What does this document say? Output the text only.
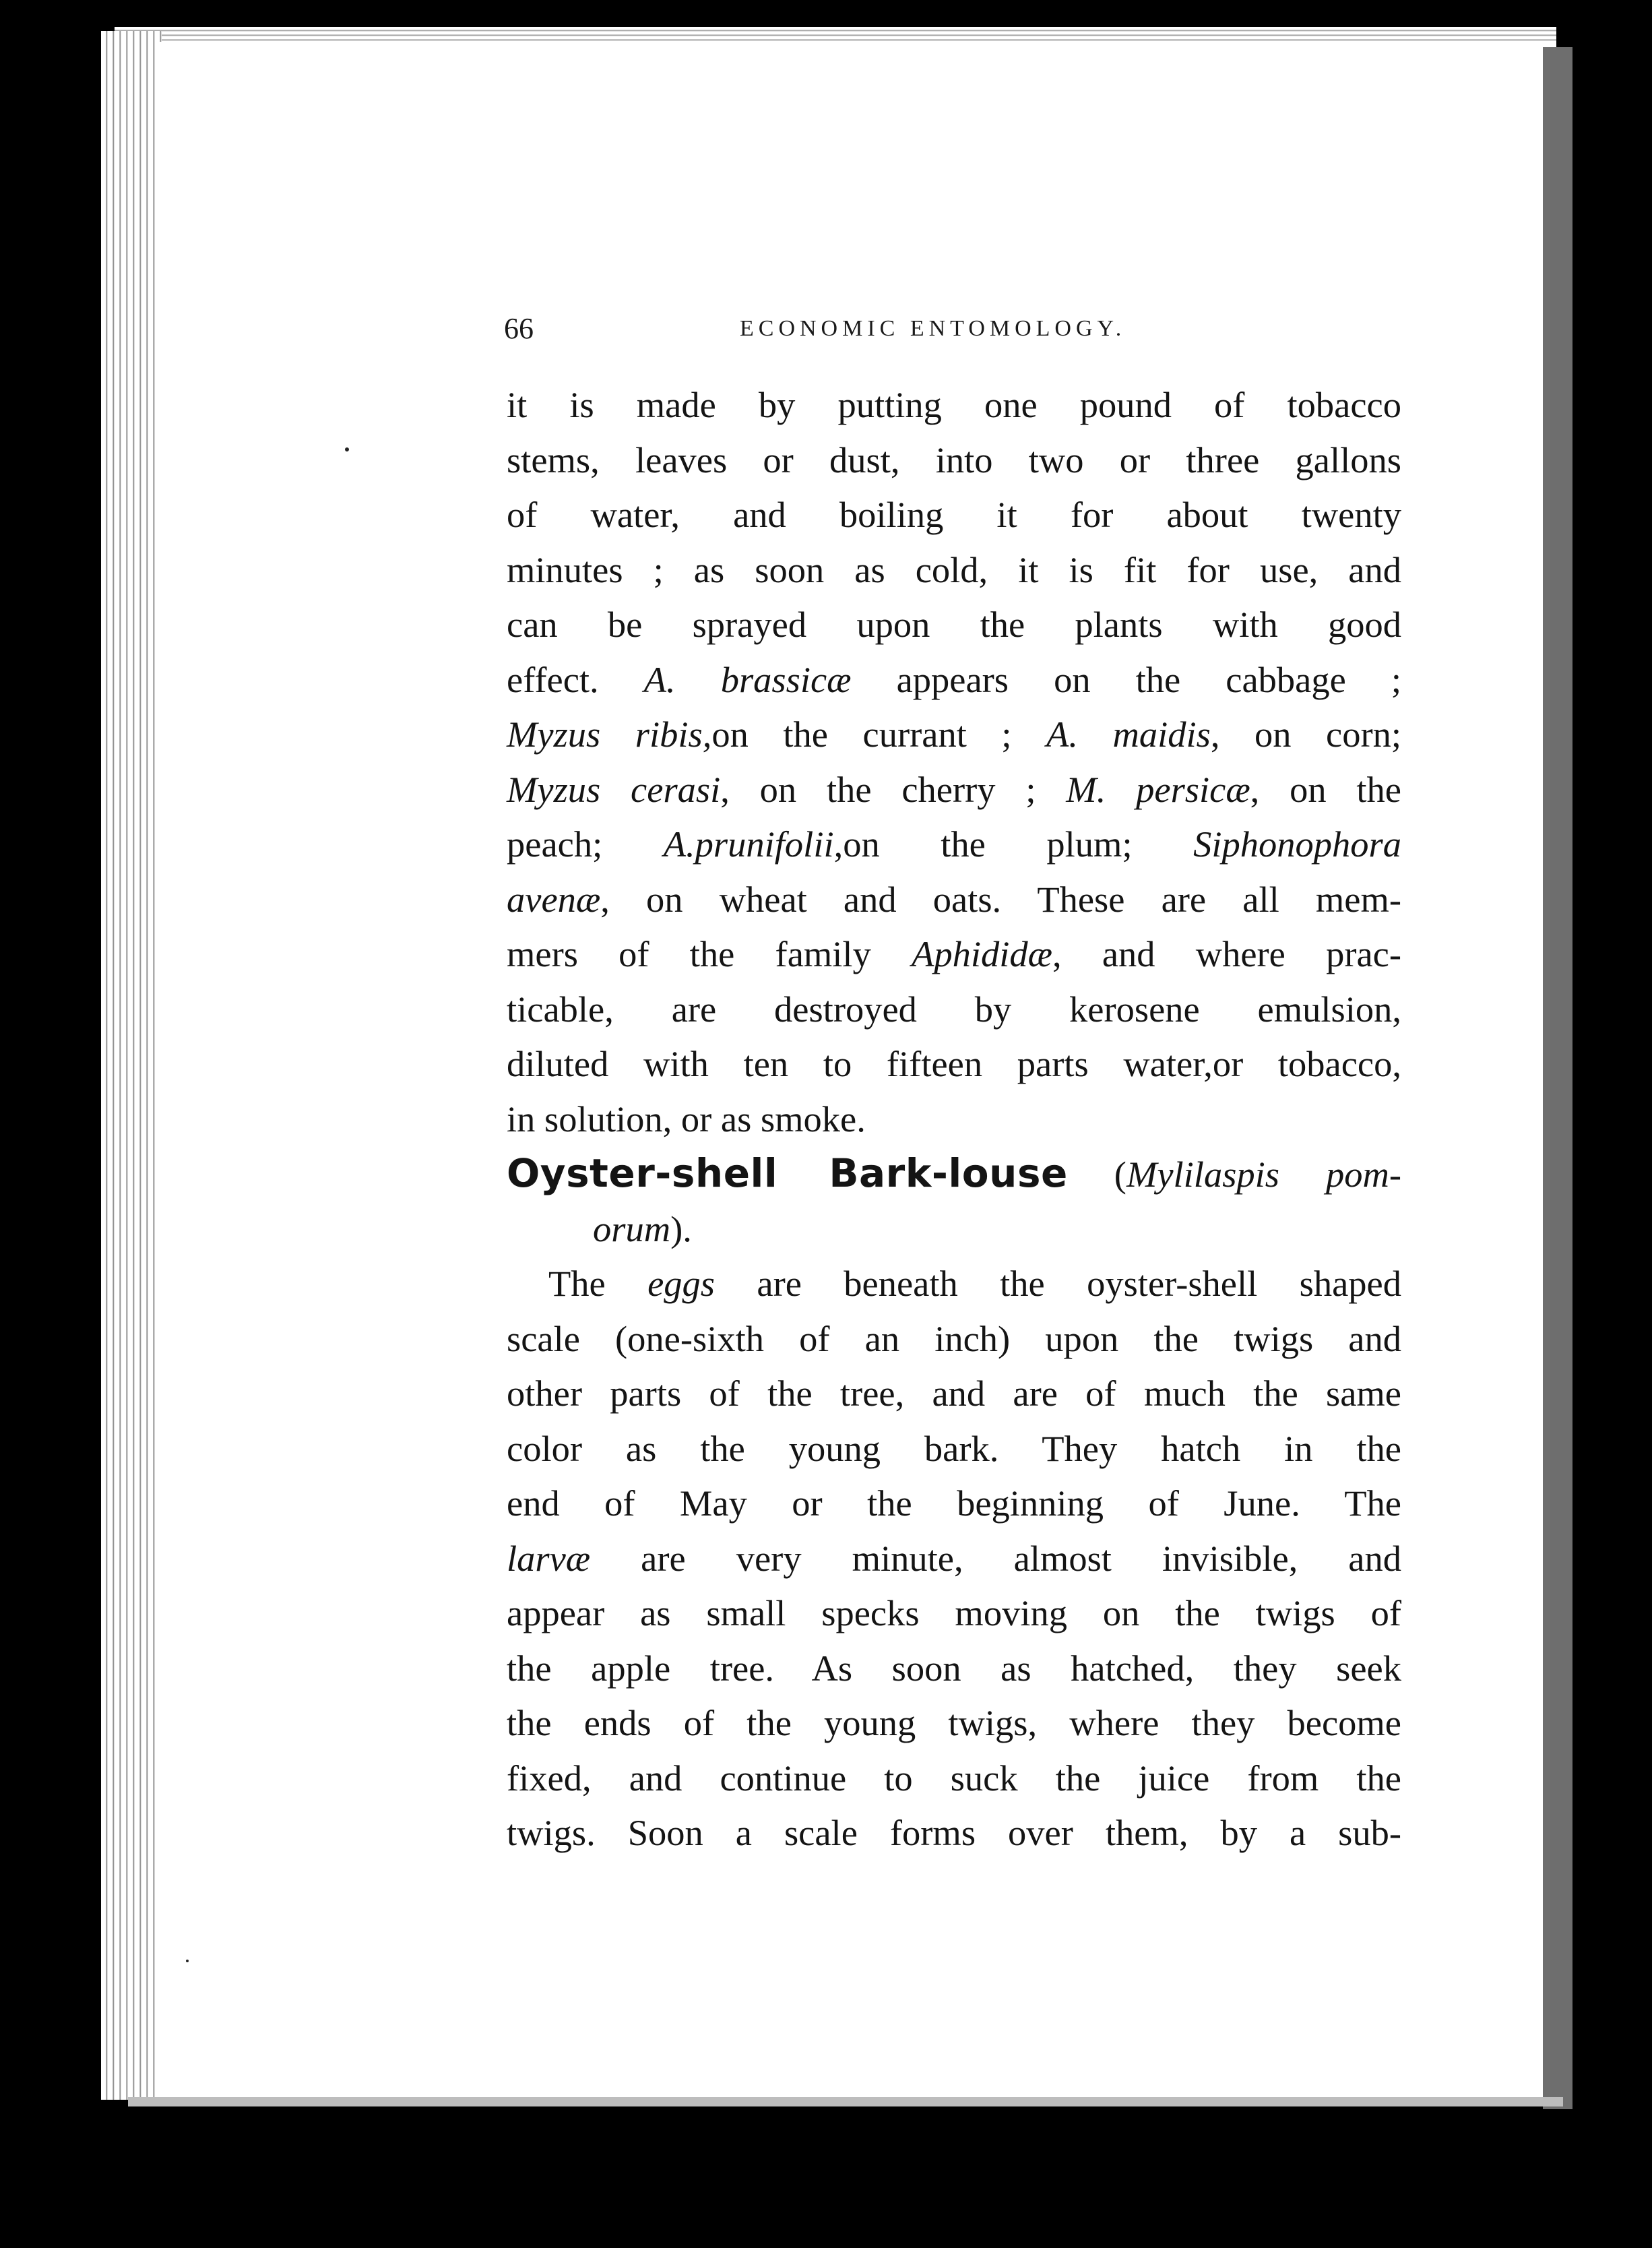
66	ECONOMIC ENTOMOLOGY.
it is made by putting one pound of tobacco
stems, leaves or dust, into two or three gallons
of water, and boiling it for about twenty
minutes ; as soon as cold, it is fit for use, and
can be sprayed upon the plants with good
effect. A. brassicæ appears on the cabbage ;
Myzus ribis,on the currant ; A. maidis, on corn;
Myzus cerasi, on the cherry ; M. persicæ, on the
peach; A.prunifolii,on the plum; Siphonophora
avenæ, on wheat and oats. These are all mem-
mers of the family Aphididæ, and where prac-
ticable, are destroyed by kerosene emulsion,
diluted with ten to fifteen parts water,or tobacco,
in solution, or as smoke.
Oyster-shell Bark-louse (Mylilaspis pom-
orum).
The eggs are beneath the oyster-shell shaped
scale (one-sixth of an inch) upon the twigs and
other parts of the tree, and are of much the same
color as the young bark. They hatch in the
end of May or the beginning of June. The
larvæ are very minute, almost invisible, and
appear as small specks moving on the twigs of
the apple tree. As soon as hatched, they seek
the ends of the young twigs, where they become
fixed, and continue to suck the juice from the
twigs. Soon a scale forms over them, by a sub-
